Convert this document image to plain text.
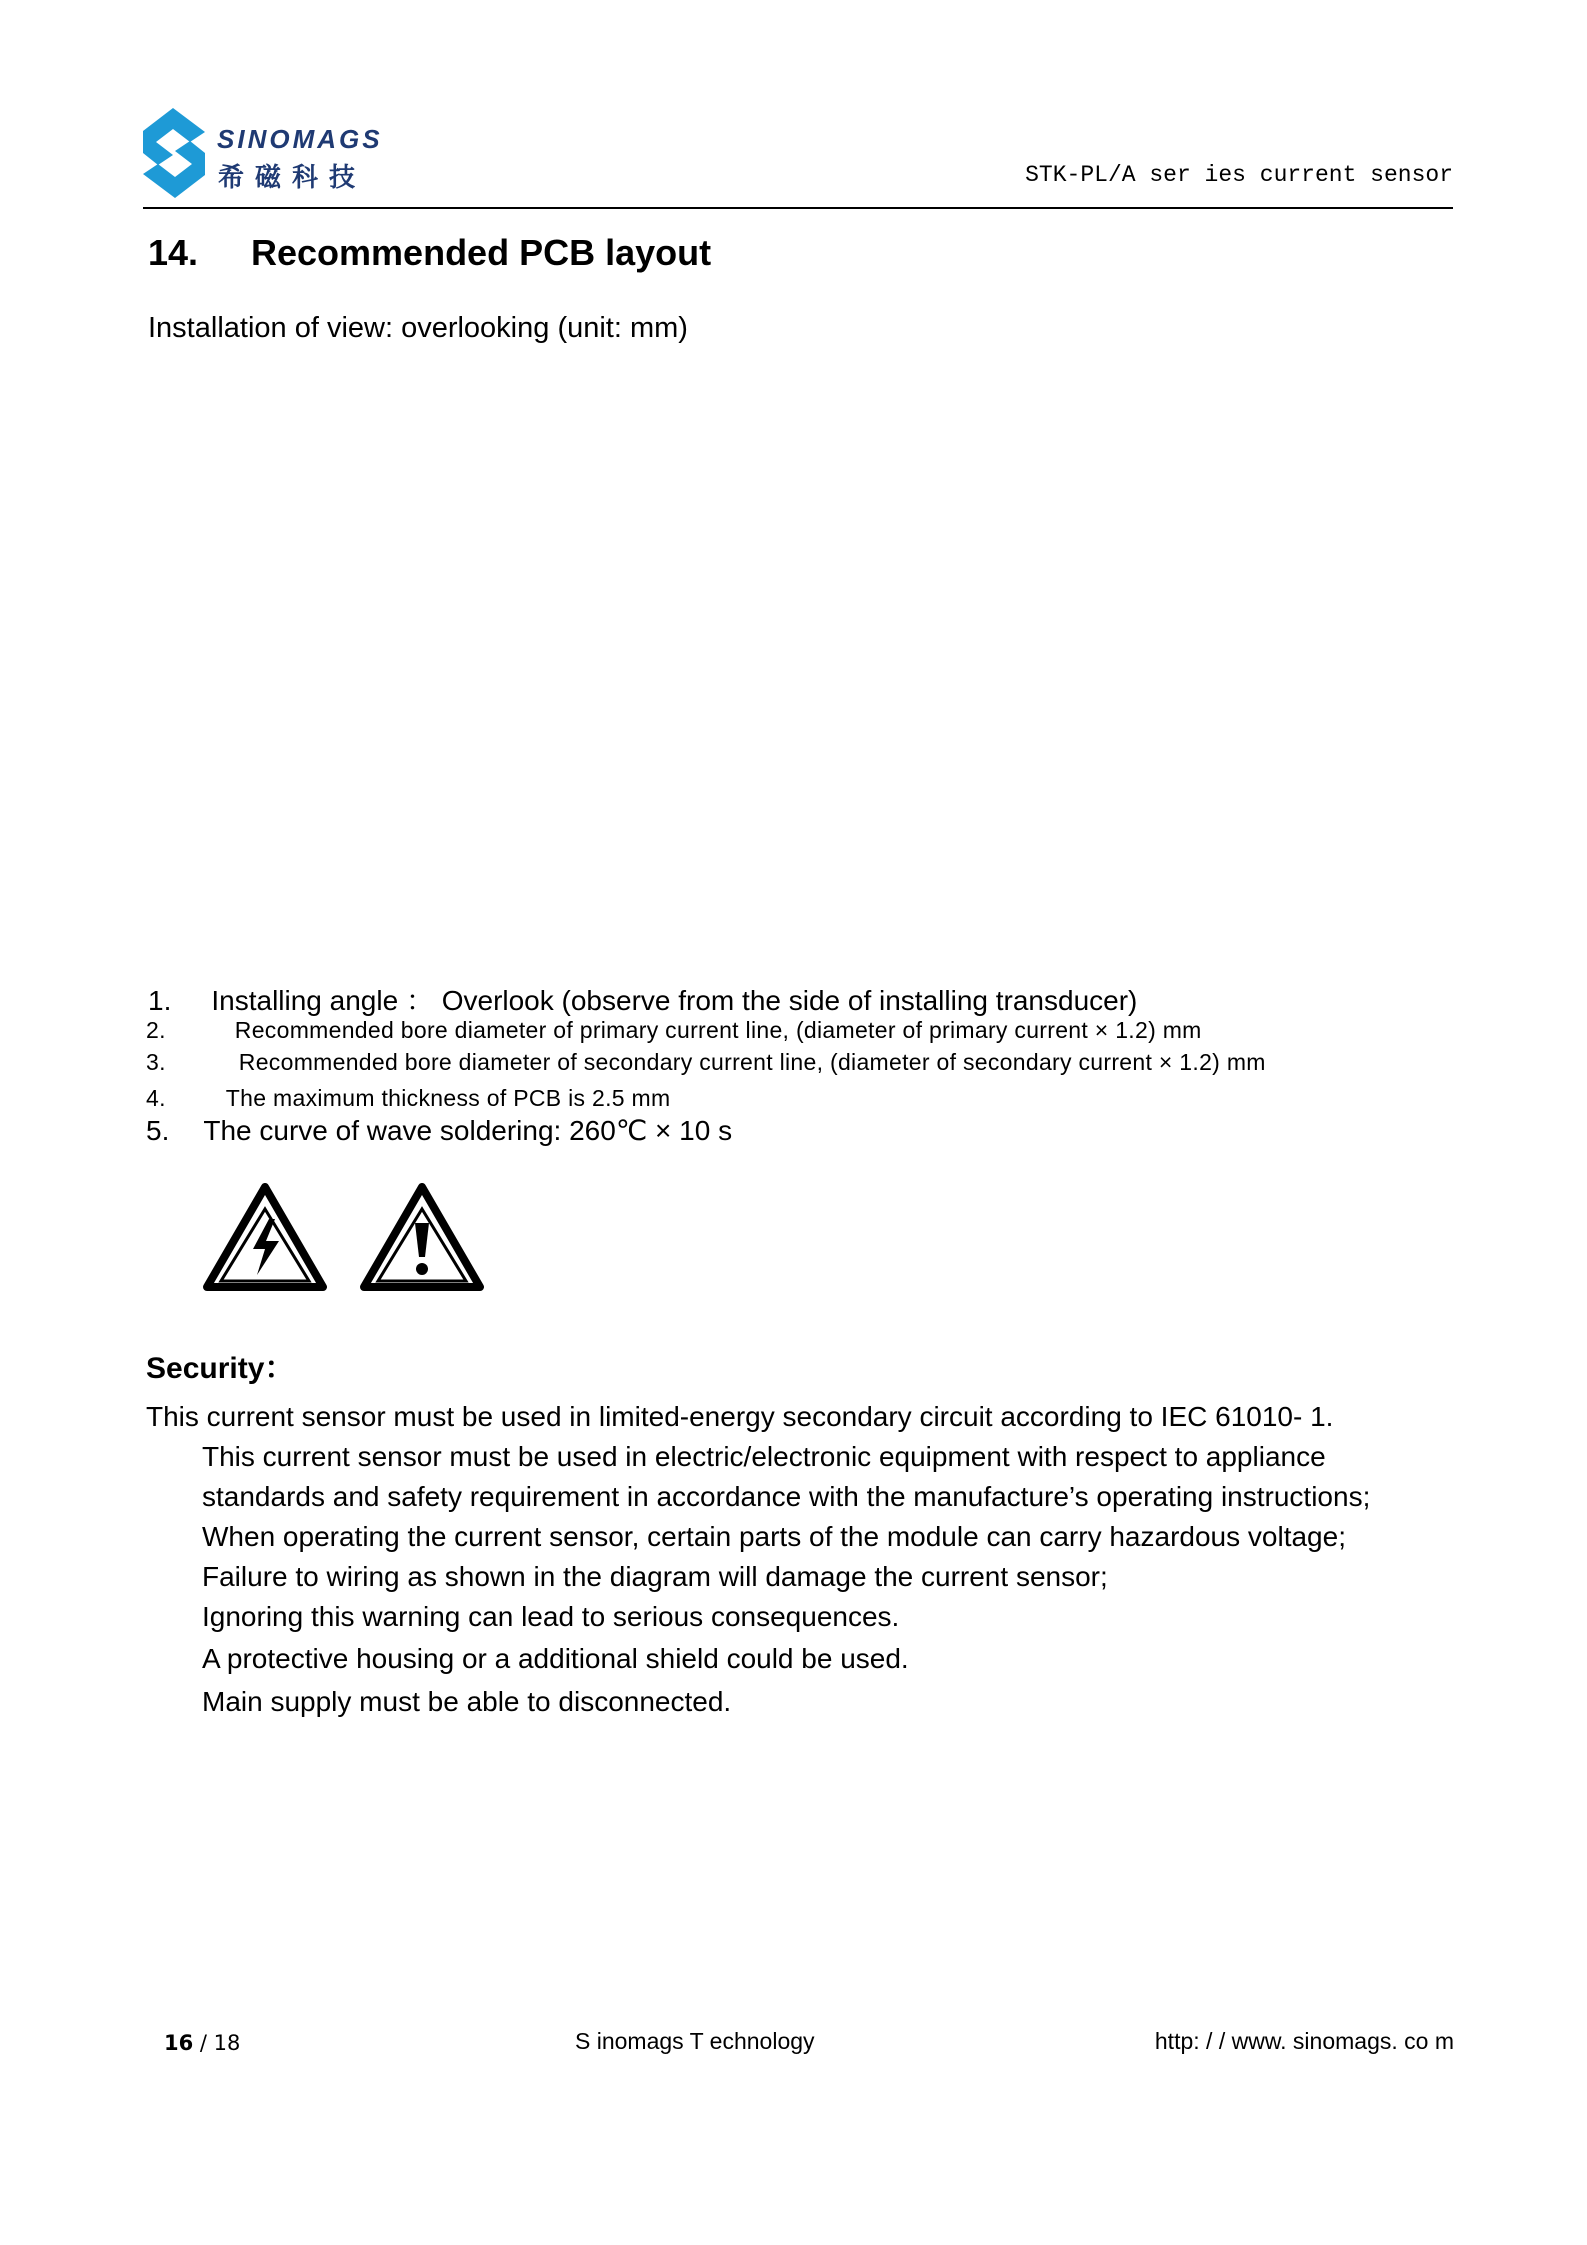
SINOMAGS
希磁科技	STK-PL/A ser ies current sensor
14. Recommended PCB layout
Installation of view: overlooking (unit: mm)
1. Installing angle ： Overlook (observe from the side of installing transducer)
2.	Recommended bore diameter of primary current line, (diameter of primary current × 1.2) mm
3.	Recommended bore diameter of secondary current line, (diameter of secondary current × 1.2) mm
4.	The maximum thickness of PCB is 2.5 mm
5. The curve of wave soldering: 260℃ × 10 s
Security：
This current sensor must be used in limited-energy secondary circuit according to IEC 61010- 1.
This current sensor must be used in electric/electronic equipment with respect to appliance
standards and safety requirement in accordance with the manufacture’s operating instructions;
When operating the current sensor, certain parts of the module can carry hazardous voltage;
Failure to wiring as shown in the diagram will damage the current sensor;
Ignoring this warning can lead to serious consequences.
A protective housing or a additional shield could be used.
Main supply must be able to disconnected.
16 / 18	S inomags T echnology	http: / / www. sinomags. co m
